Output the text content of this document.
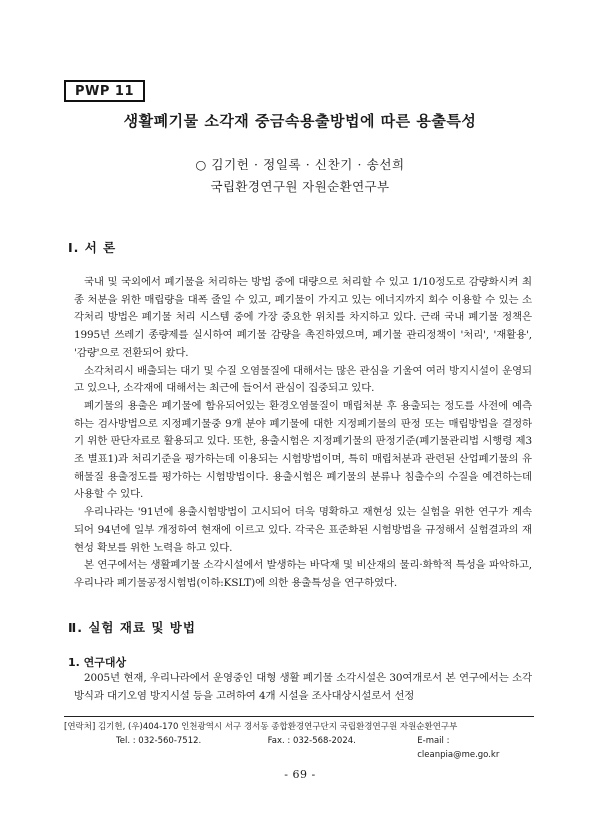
PWP 11
생활폐기물 소각재 중금속용출방법에 따른 용출특성
○ 김기헌 · 정일록 · 신찬기 · 송선희
국립환경연구원 자원순환연구부
Ⅰ. 서 론

국내 및 국외에서 폐기물을 처리하는 방법 중에 대량으로 처리할 수 있고 1/10정도로 감량화시켜 최종 처분을 위한 매립량을 대폭 줄일 수 있고, 폐기물이 가지고 있는 에너지까지 회수 이용할 수 있는 소각처리 방법은 폐기물 처리 시스템 중에 가장 중요한 위치를 차지하고 있다. 근래 국내 폐기물 정책은 1995년 쓰레기 종량제를 실시하여 폐기물 감량을 촉진하였으며, 폐기물 관리정책이 '처리', '재활용', '감량'으로 전환되어 왔다.

소각처리시 배출되는 대기 및 수질 오염물질에 대해서는 많은 관심을 기울여 여러 방지시설이 운영되고 있으나, 소각재에 대해서는 최근에 들어서 관심이 집중되고 있다.

폐기물의 용출은 폐기물에 함유되어있는 환경오염물질이 매립처분 후 용출되는 정도를 사전에 예측하는 검사방법으로 지정폐기물중 9개 분야 폐기물에 대한 지정폐기물의 판정 또는 매립방법을 결정하기 위한 판단자료로 활용되고 있다. 또한, 용출시험은 지정폐기물의 판정기준(폐기물관리법 시행령 제3조 별표1)과 처리기준을 평가하는데 이용되는 시험방법이며, 특히 매립처분과 관련된 산업폐기물의 유해물질 용출정도를 평가하는 시험방법이다. 용출시험은 폐기물의 분류나 침출수의 수질을 예견하는데 사용할 수 있다.

우리나라는 '91년에 용출시험방법이 고시되어 더욱 명확하고 재현성 있는 실험을 위한 연구가 계속되어 94년에 일부 개정하여 현재에 이르고 있다. 각국은 표준화된 시험방법을 규정해서 실험결과의 재현성 확보를 위한 노력을 하고 있다.

본 연구에서는 생활폐기물 소각시설에서 발생하는 바닥재 및 비산재의 물리·화학적 특성을 파악하고, 우리나라 폐기물공정시험법(이하:KSLT)에 의한 용출특성을 연구하였다.

Ⅱ. 실험 재료 및 방법
1. 연구대상

2005년 현재, 우리나라에서 운영중인 대형 생활 폐기물 소각시설은 30여개로서 본 연구에서는 소각방식과 대기오염 방지시설 등을 고려하여 4개 시설을 조사대상시설로서 선정

[연락처] 김기헌, (우)404-170 인천광역시 서구 경서동 종합환경연구단지 국립환경연구원 자원순환연구부
Tel. : 032-560-7512.	Fax. : 032-568-2024.	E-mail : cleanpia@me.go.kr
- 69 -
